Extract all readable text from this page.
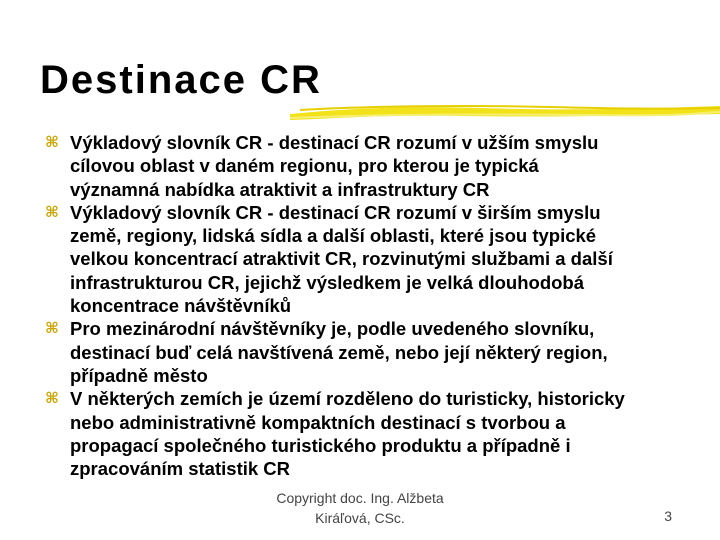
Destinace CR
⌘ Výkladový slovník CR - destinací CR rozumí v užším smyslu
cílovou oblast v daném regionu, pro kterou je typická
významná nabídka atraktivit a infrastruktury CR
⌘ Výkladový slovník CR - destinací CR rozumí v širším smyslu
země, regiony, lidská sídla a další oblasti, které jsou typické
velkou koncentrací atraktivit CR, rozvinutými službami a další
infrastrukturou CR, jejichž výsledkem je velká dlouhodobá
koncentrace návštěvníků
⌘ Pro mezinárodní návštěvníky je, podle uvedeného slovníku,
destinací buď celá navštívená země, nebo její některý region,
případně město
⌘ V některých zemích je území rozděleno do turisticky, historicky
nebo administrativně kompaktních destinací s tvorbou a
propagací společného turistického produktu a případně i
zpracováním statistik CR
Copyright doc. Ing. Alžbeta
Kiráľová, CSc.	3
